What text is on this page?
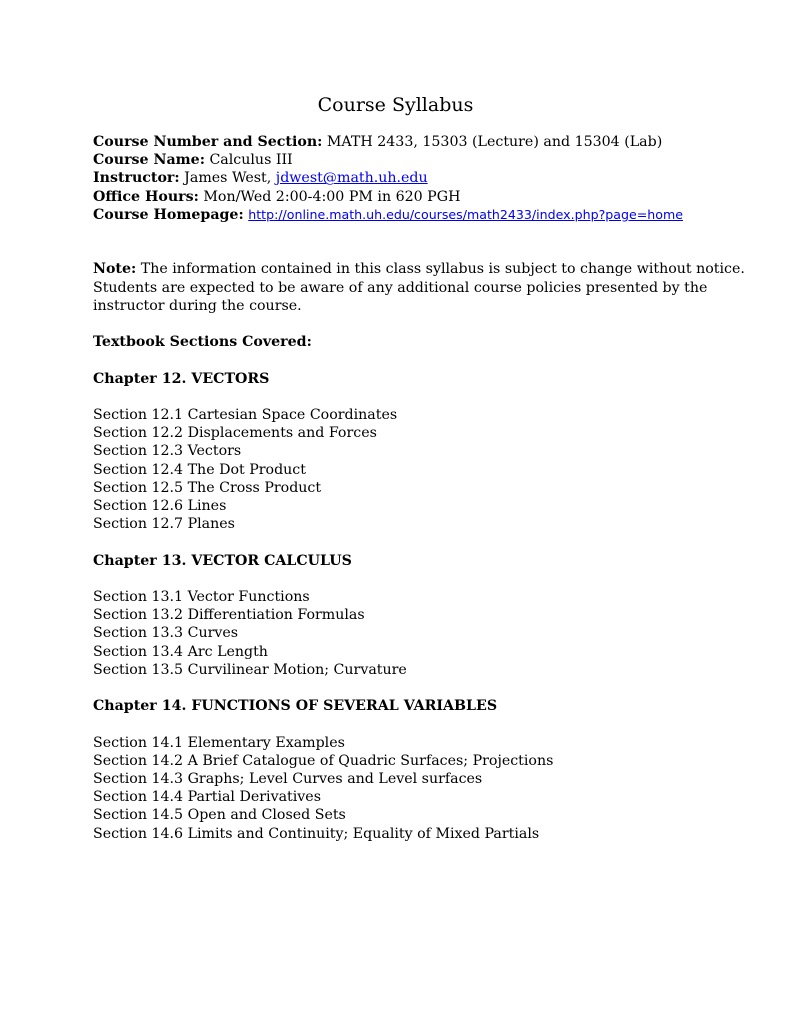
Course Syllabus
Course Number and Section: MATH 2433, 15303 (Lecture) and 15304 (Lab)
Course Name: Calculus III
Instructor: James West, jdwest@math.uh.edu
Office Hours: Mon/Wed 2:00-4:00 PM in 620 PGH
Course Homepage: http://online.math.uh.edu/courses/math2433/index.php?page=home
Note: The information contained in this class syllabus is subject to change without notice.
Students are expected to be aware of any additional course policies presented by the
instructor during the course.
Textbook Sections Covered:
Chapter 12. VECTORS
Section 12.1 Cartesian Space Coordinates
Section 12.2 Displacements and Forces
Section 12.3 Vectors
Section 12.4 The Dot Product
Section 12.5 The Cross Product
Section 12.6 Lines
Section 12.7 Planes
Chapter 13. VECTOR CALCULUS
Section 13.1 Vector Functions
Section 13.2 Differentiation Formulas
Section 13.3 Curves
Section 13.4 Arc Length
Section 13.5 Curvilinear Motion; Curvature
Chapter 14. FUNCTIONS OF SEVERAL VARIABLES
Section 14.1 Elementary Examples
Section 14.2 A Brief Catalogue of Quadric Surfaces; Projections
Section 14.3 Graphs; Level Curves and Level surfaces
Section 14.4 Partial Derivatives
Section 14.5 Open and Closed Sets
Section 14.6 Limits and Continuity; Equality of Mixed Partials
